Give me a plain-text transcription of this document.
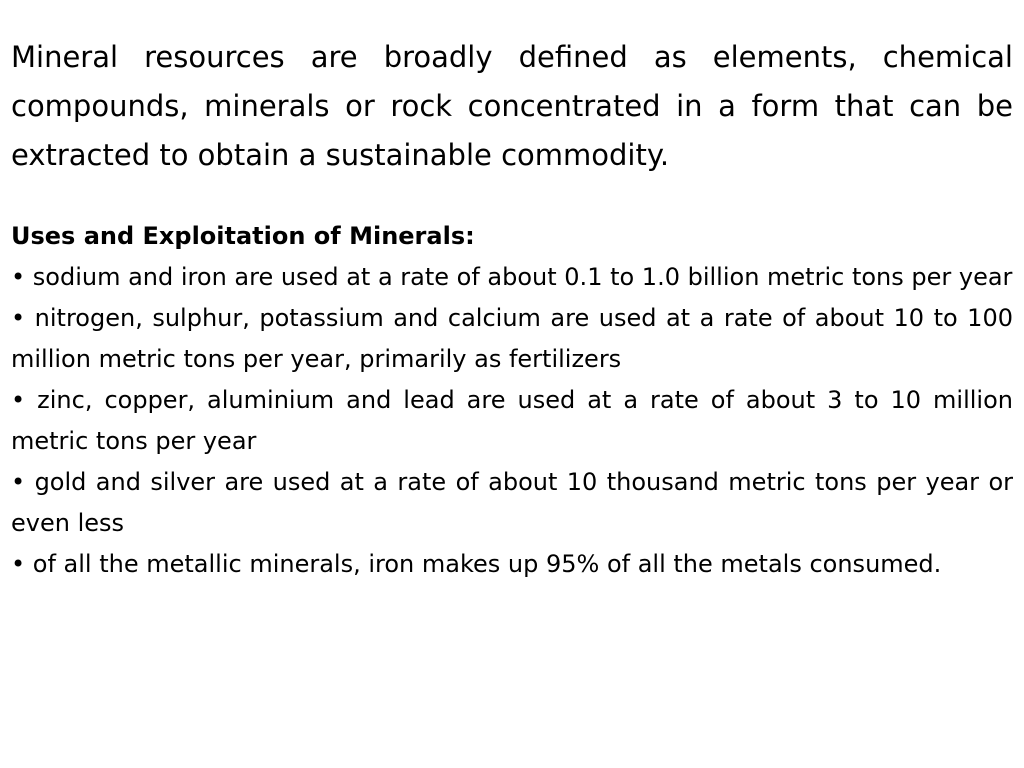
Mineral resources are broadly defined as elements, chemical compounds, minerals or rock concentrated in a form that can be extracted to obtain a sustainable commodity.

Uses and Exploitation of Minerals:
• sodium and iron are used at a rate of about 0.1 to 1.0 billion metric tons per year
• nitrogen, sulphur, potassium and calcium are used at a rate of about 10 to 100 million metric tons per year, primarily as fertilizers
• zinc, copper, aluminium and lead are used at a rate of about 3 to 10 million metric tons per year
• gold and silver are used at a rate of about 10 thousand metric tons per year or even less
• of all the metallic minerals, iron makes up 95% of all the metals consumed.
